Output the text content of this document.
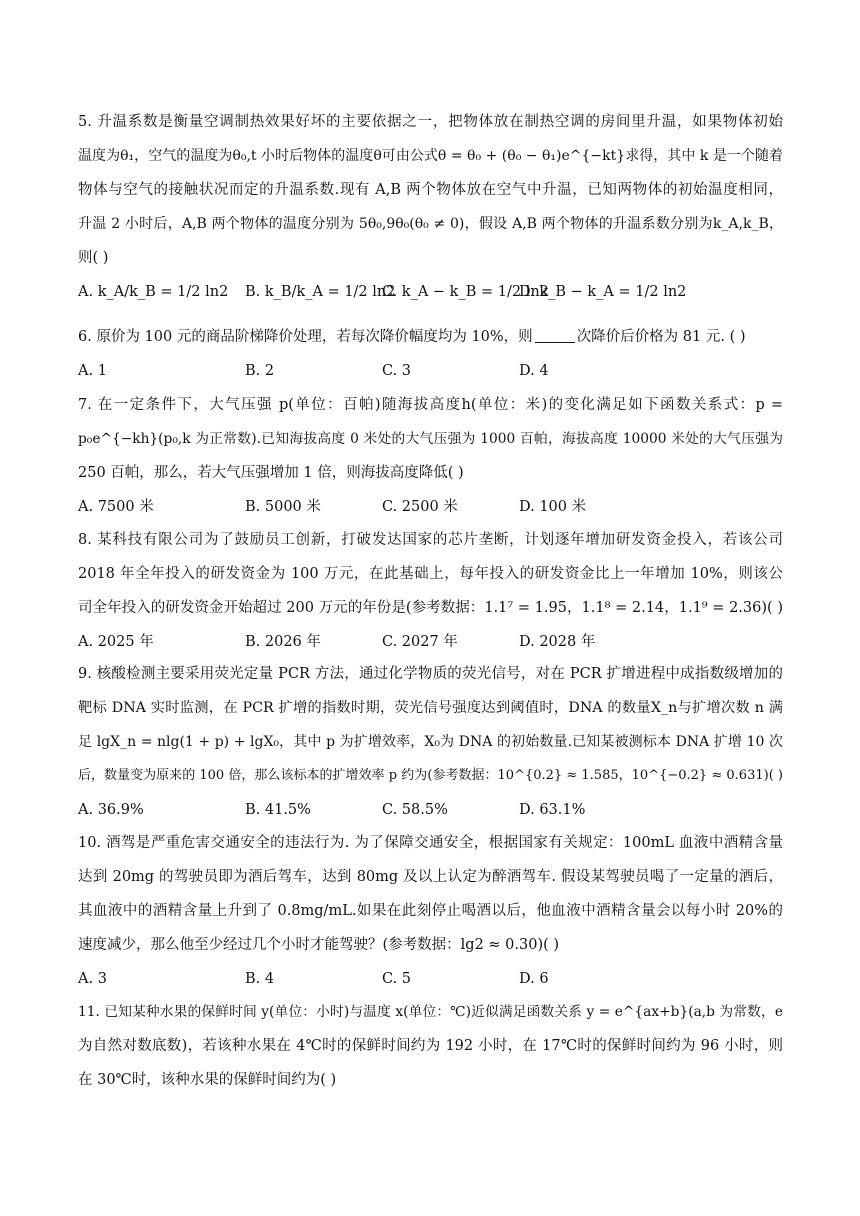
5. 升温系数是衡量空调制热效果好坏的主要依据之一，把物体放在制热空调的房间里升温，如果物体初始
温度为θ₁，空气的温度为θ₀,t 小时后物体的温度θ可由公式θ = θ₀ + (θ₀ − θ₁)e^{−kt}求得，其中 k 是一个随着
物体与空气的接触状况而定的升温系数.现有 A,B 两个物体放在空气中升温，已知两物体的初始温度相同，
升温 2 小时后，A,B 两个物体的温度分别为 5θ₀,9θ₀(θ₀ ≠ 0)，假设 A,B 两个物体的升温系数分别为k_A,k_B，
则( )
A. k_A/k_B = 1/2 ln2 B. k_B/k_A = 1/2 ln2
C. k_A − k_B = 1/2 ln2
D. k_B − k_A = 1/2 ln2
6. 原价为 100 元的商品阶梯降价处理，若每次降价幅度均为 10%，则	次降价后价格为 81 元. ( )
A. 1	B. 2	C. 3	D. 4
7. 在一定条件下，大气压强 p(单位：百帕)随海拔高度h(单位：米)的变化满足如下函数关系式：p =
p₀e^{−kh}(p₀,k 为正常数).已知海拔高度 0 米处的大气压强为 1000 百帕，海拔高度 10000 米处的大气压强为
250 百帕，那么，若大气压强增加 1 倍，则海拔高度降低( )
A. 7500 米	B. 5000 米	C. 2500 米	D. 100 米
8. 某科技有限公司为了鼓励员工创新，打破发达国家的芯片垄断，计划逐年增加研发资金投入，若该公司
2018 年全年投入的研发资金为 100 万元，在此基础上，每年投入的研发资金比上一年增加 10%，则该公
司全年投入的研发资金开始超过 200 万元的年份是(参考数据：1.1⁷ = 1.95，1.1⁸ = 2.14，1.1⁹ = 2.36)( )
A. 2025 年	B. 2026 年	C. 2027 年	D. 2028 年
9. 核酸检测主要采用荧光定量 PCR 方法，通过化学物质的荧光信号，对在 PCR 扩增进程中成指数级增加的
靶标 DNA 实时监测，在 PCR 扩增的指数时期，荧光信号强度达到阈值时，DNA 的数量X_n与扩增次数 n 满
足 lgX_n = nlg(1 + p) + lgX₀，其中 p 为扩增效率，X₀为 DNA 的初始数量.已知某被测标本 DNA 扩增 10 次
后，数量变为原来的 100 倍，那么该标本的扩增效率 p 约为(参考数据：10^{0.2} ≈ 1.585，10^{−0.2} ≈ 0.631)( )
A. 36.9%	B. 41.5%	C. 58.5%	D. 63.1%
10. 酒驾是严重危害交通安全的违法行为. 为了保障交通安全，根据国家有关规定：100mL 血液中酒精含量
达到 20mg 的驾驶员即为酒后驾车，达到 80mg 及以上认定为醉酒驾车. 假设某驾驶员喝了一定量的酒后，
其血液中的酒精含量上升到了 0.8mg/mL.如果在此刻停止喝酒以后，他血液中酒精含量会以每小时 20%的
速度减少，那么他至少经过几个小时才能驾驶？(参考数据：lg2 ≈ 0.30)( )
A. 3	B. 4	C. 5	D. 6
11. 已知某种水果的保鲜时间 y(单位：小时)与温度 x(单位：℃)近似满足函数关系 y = e^{ax+b}(a,b 为常数，e
为自然对数底数)，若该种水果在 4℃时的保鲜时间约为 192 小时，在 17℃时的保鲜时间约为 96 小时，则
在 30℃时，该种水果的保鲜时间约为( )
